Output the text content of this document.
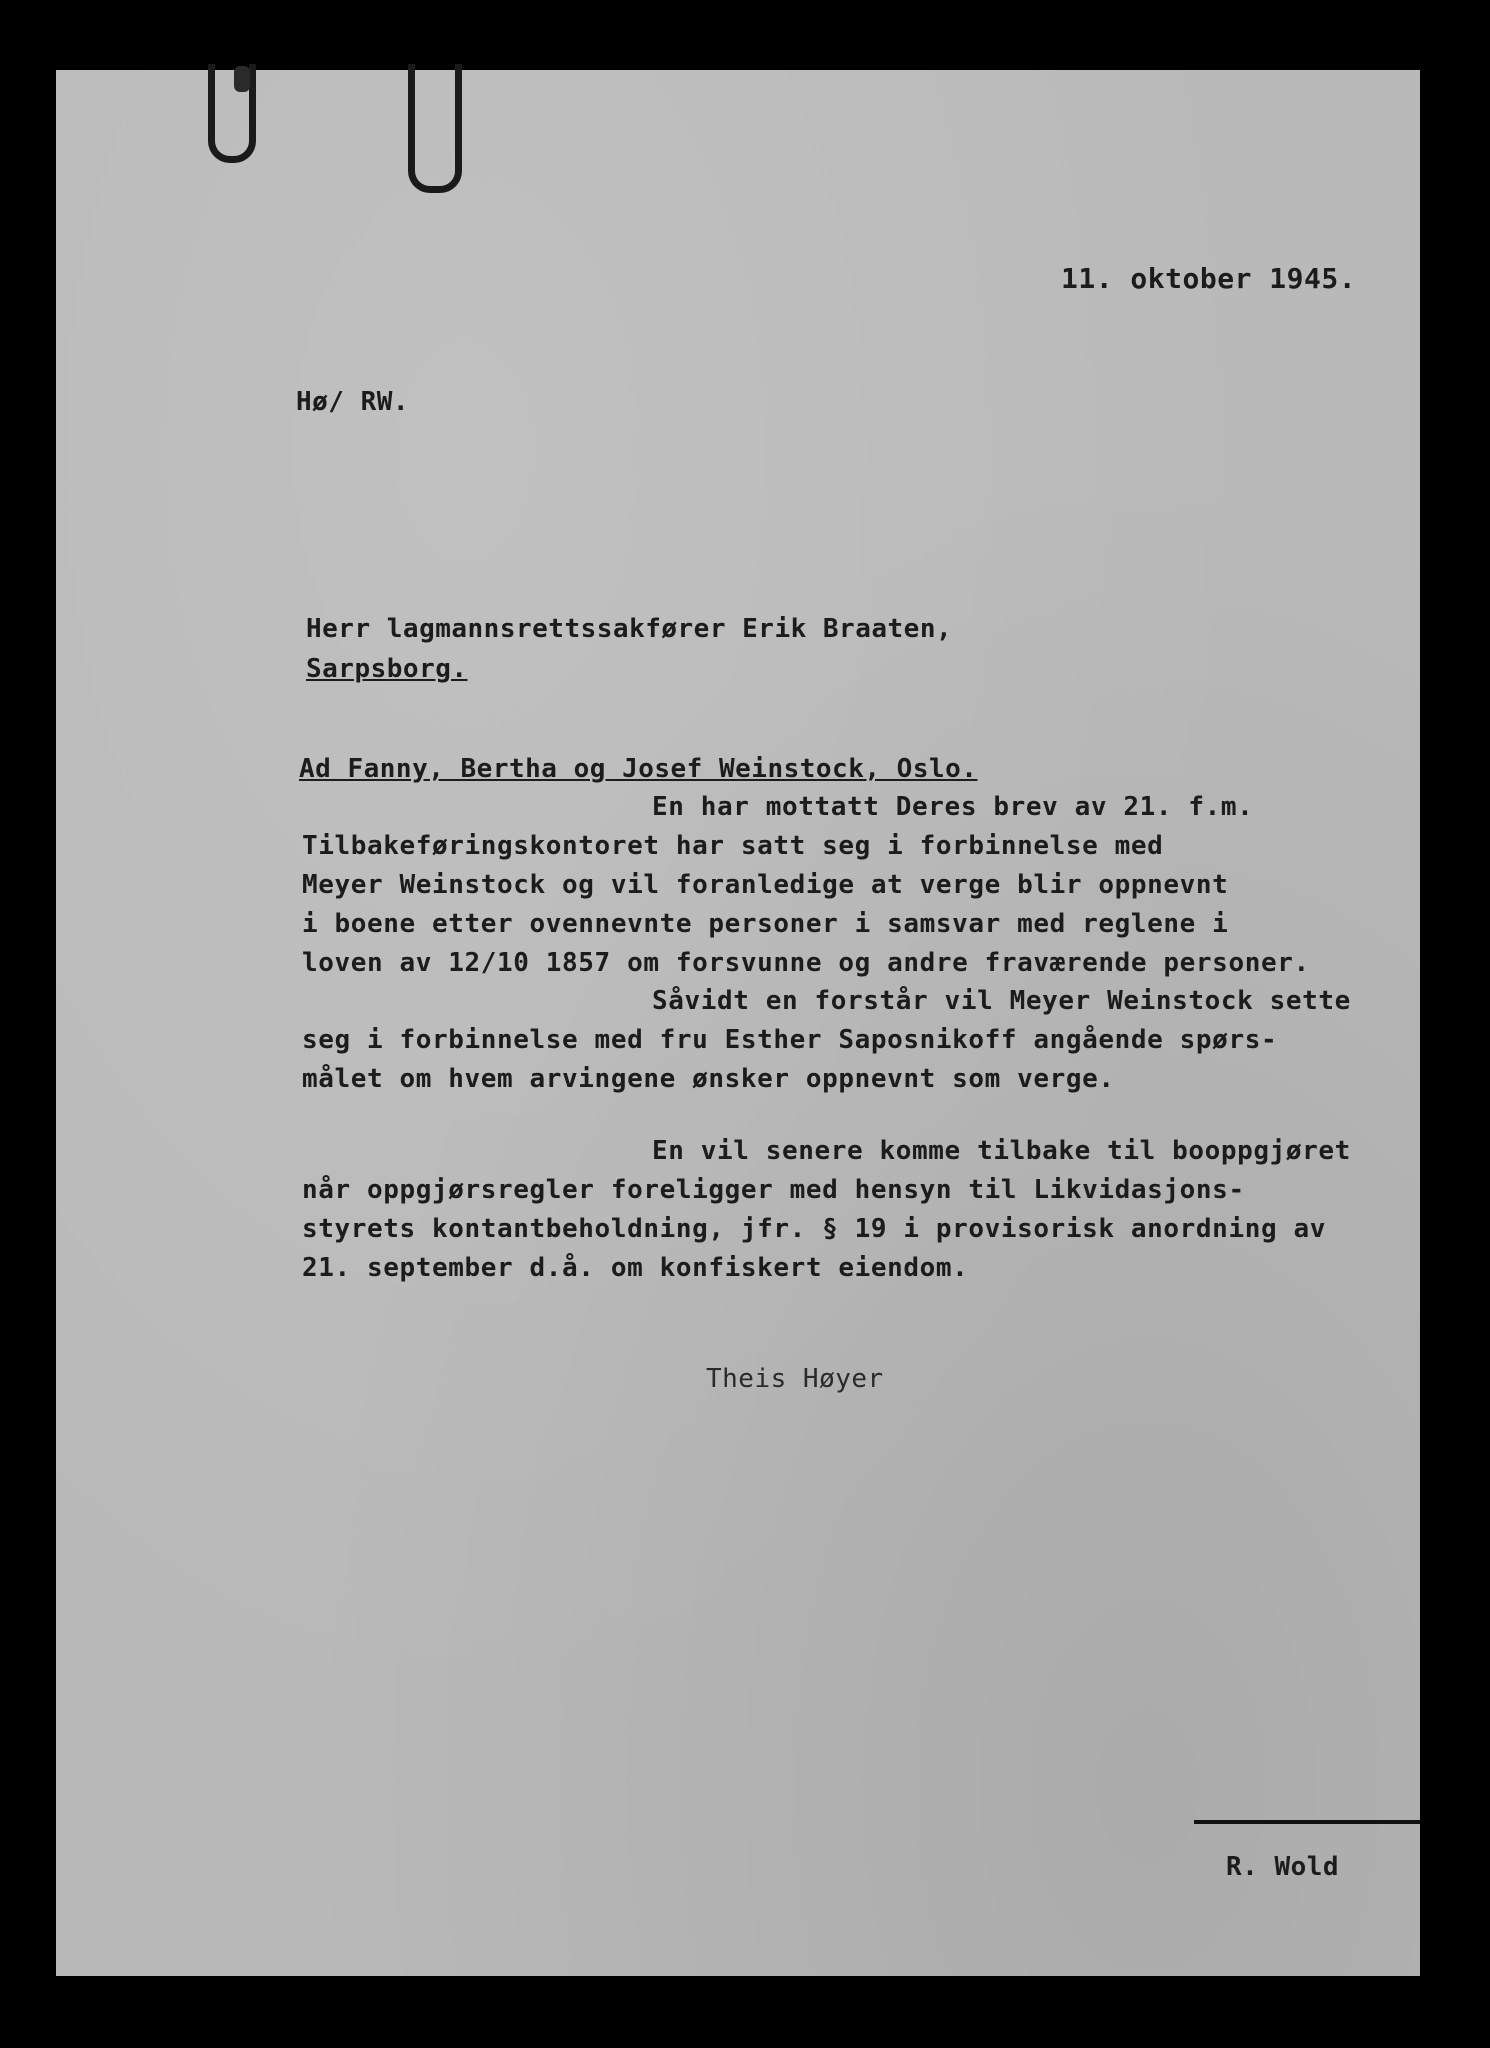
11. oktober 1945.
Hø/ RW.
Herr lagmannsrettssakfører Erik Braaten,
Sarpsborg.
Ad Fanny, Bertha og Josef Weinstock, Oslo.
En har mottatt Deres brev av 21. f.m.
Tilbakeføringskontoret har satt seg i forbinnelse med
Meyer Weinstock og vil foranledige at verge blir oppnevnt
i boene etter ovennevnte personer i samsvar med reglene i
loven av 12/10 1857 om forsvunne og andre fraværende personer.
Såvidt en forstår vil Meyer Weinstock sette
seg i forbinnelse med fru Esther Saposnikoff angående spørs-
målet om hvem arvingene ønsker oppnevnt som verge.
En vil senere komme tilbake til booppgjøret
når oppgjørsregler foreligger med hensyn til Likvidasjons-
styrets kontantbeholdning, jfr. § 19 i provisorisk anordning av
21. september d.å. om konfiskert eiendom.
Theis Høyer
R. Wold
